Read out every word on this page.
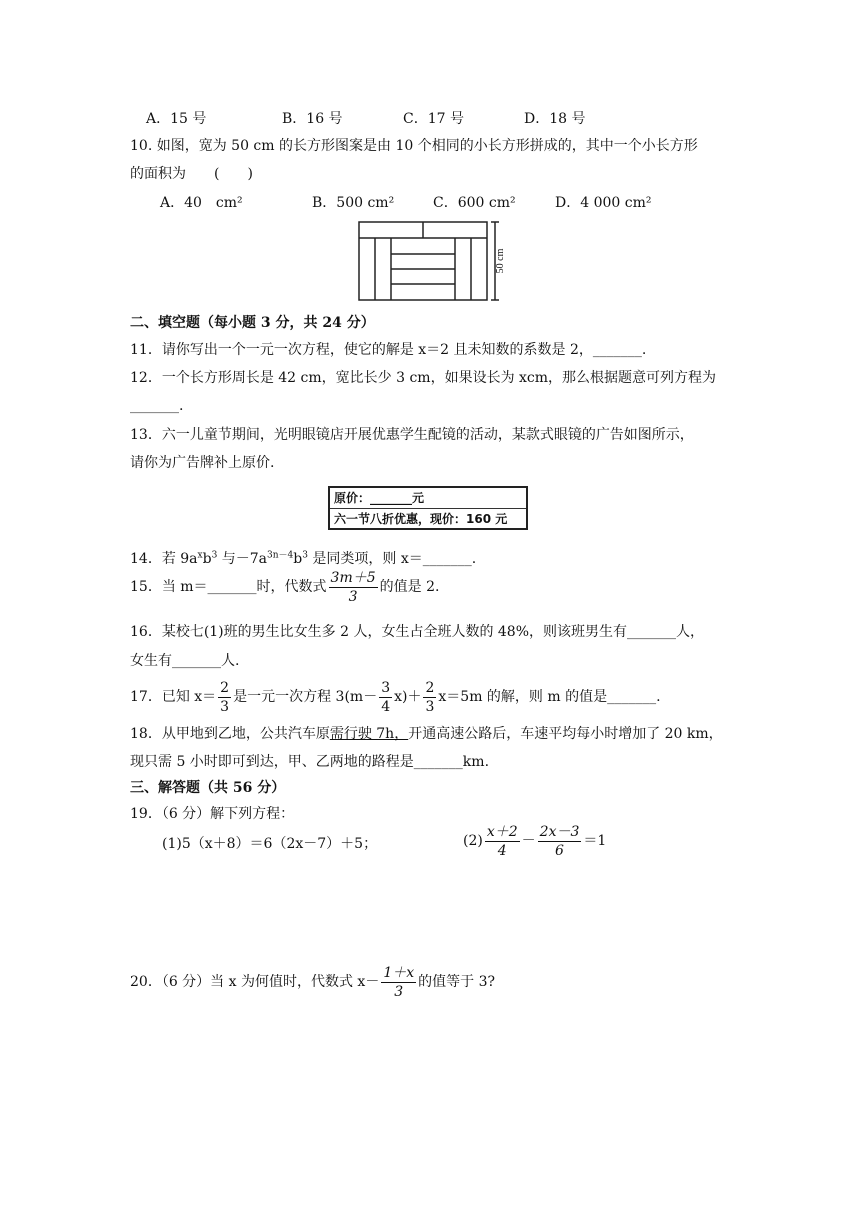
A．15 号	B．16 号	C．17 号	D．18 号
10. 如图，宽为 50 cm 的长方形图案是由 10 个相同的小长方形拼成的，其中一个小长方形
的面积为　　(　　)
A．40　cm²	B．500 cm²	C．600 cm²	D．4 000 cm²
50 cm
二、填空题（每小题 3 分，共 24 分）
11．请你写出一个一元一次方程，使它的解是 x＝2 且未知数的系数是 2，_______.
12．一个长方形周长是 42 cm，宽比长少 3 cm，如果设长为 xcm，那么根据题意可列方程为
_______.
13．六一儿童节期间，光明眼镜店开展优惠学生配镜的活动，某款式眼镜的广告如图所示，
请你为广告牌补上原价.
原价：_______元
六一节八折优惠，现价：160 元
14．若 $9a^xb^3$ 与$-7a^{3n-4}b^3$ 是同类项，则 x＝_______.
15．当 m＝_______时，代数式 $\frac{3m+5}{3}$ 的值是 2.
16．某校七(1)班的男生比女生多 2 人，女生占全班人数的 48%，则该班男生有_______人，
女生有_______人.
17．已知 $x= \frac{2}{3}$ 是一元一次方程 $3(m- \frac{3}{4} x)+ \frac{2}{3} x=5m$ 的解，则 m 的值是_______.
18．从甲地到乙地，公共汽车原需行驶 7h，开通高速公路后，车速平均每小时增加了 20 km，
现只需 5 小时即可到达，甲、乙两地的路程是_______km.
三、解答题（共 56 分）
19．（6 分）解下列方程：
(1)5（x＋8）＝6（2x－7）＋5；	$(2) \frac{x+2}{4} - \frac{2x-3}{6} =1$
20．（6 分）当 x 为何值时，代数式 $x- \frac{1+x}{3}$ 的值等于 3?
